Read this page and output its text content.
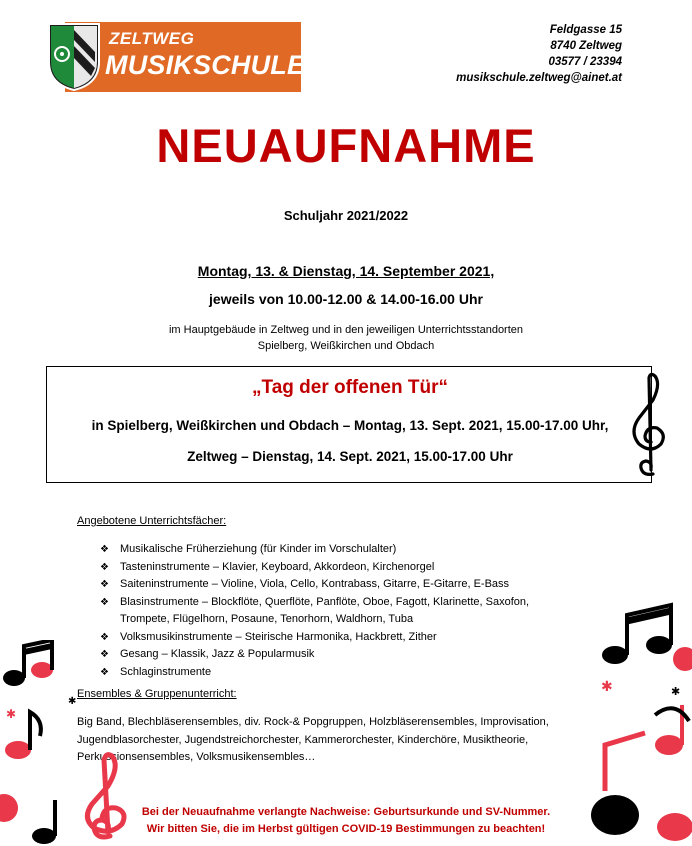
ZELTWEG
MUSIKSCHULE
Feldgasse 15
8740 Zeltweg
03577 / 23394
musikschule.zeltweg@ainet.at
NEUAUFNAHME
Schuljahr 2021/2022
Montag, 13. & Dienstag, 14. September 2021,
jeweils von 10.00-12.00 & 14.00-16.00 Uhr
im Hauptgebäude in Zeltweg und in den jeweiligen Unterrichtsstandorten
Spielberg, Weißkirchen und Obdach
„Tag der offenen Tür“
in Spielberg, Weißkirchen und Obdach – Montag, 13. Sept. 2021, 15.00-17.00 Uhr,
Zeltweg – Dienstag, 14. Sept. 2021, 15.00-17.00 Uhr
Angebotene Unterrichtsfächer:
❖ Musikalische Früherziehung (für Kinder im Vorschulalter)
❖ Tasteninstrumente – Klavier, Keyboard, Akkordeon, Kirchenorgel
❖ Saiteninstrumente – Violine, Viola, Cello, Kontrabass, Gitarre, E-Gitarre, E-Bass
❖ Blasinstrumente – Blockflöte, Querflöte, Panflöte, Oboe, Fagott, Klarinette, Saxofon,
Trompete, Flügelhorn, Posaune, Tenorhorn, Waldhorn, Tuba
❖ Volksmusikinstrumente – Steirische Harmonika, Hackbrett, Zither
❖ Gesang – Klassik, Jazz & Popularmusik
❖ Schlaginstrumente
Ensembles & Gruppenunterricht:
Big Band, Blechbläserensembles, div. Rock-& Popgruppen, Holzbläserensembles, Improvisation,
Jugendblasorchester, Jugendstreichorchester, Kammerorchester, Kinderchöre, Musiktheorie,
Perkussionsensembles, Volksmusikensembles…
✱
✱
✱	✱
Bei der Neuaufnahme verlangte Nachweise: Geburtsurkunde und SV-Nummer.
Wir bitten Sie, die im Herbst gültigen COVID-19 Bestimmungen zu beachten!
